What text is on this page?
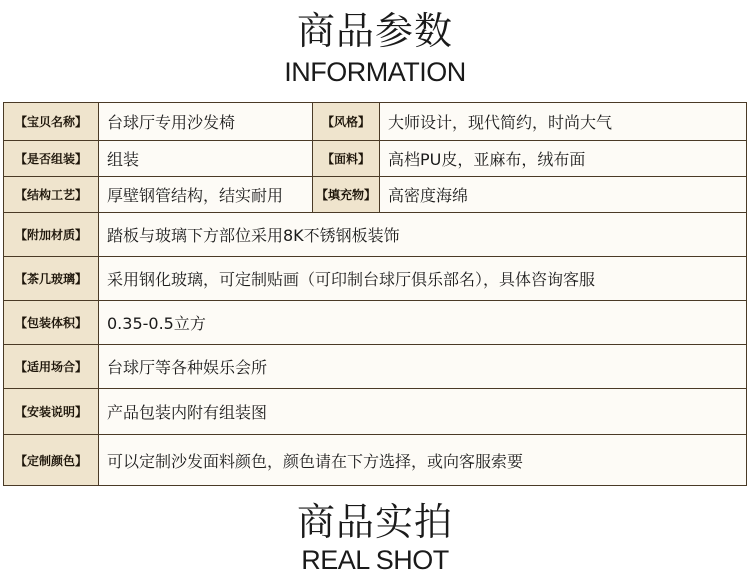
商品参数
INFORMATION
【宝贝名称】	台球厅专用沙发椅	【风格】	大师设计，现代简约，时尚大气
【是否组装】	组装	【面料】	高档PU皮，亚麻布，绒布面
【结构工艺】	厚壁钢管结构，结实耐用	【填充物】 高密度海绵
【附加材质】	踏板与玻璃下方部位采用8K不锈钢板装饰
【茶几玻璃】	采用钢化玻璃，可定制贴画（可印制台球厅俱乐部名），具体咨询客服
【包装体积】	0.35-0.5立方
【适用场合】	台球厅等各种娱乐会所
【安装说明】	产品包装内附有组装图
【定制颜色】	可以定制沙发面料颜色，颜色请在下方选择，或向客服索要
商品实拍
REAL SHOT
